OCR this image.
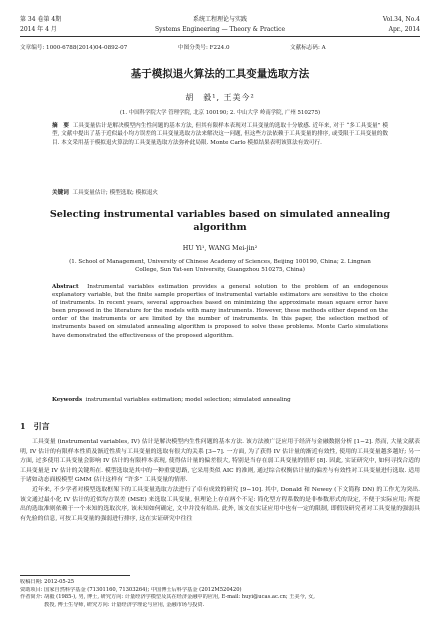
第 34 卷第 4期	系统工程理论与实践	Vol.34, No.4
2014 年 4 月	Systems Engineering — Theory & Practice	Apr., 2014
文章编号: 1000-6788(2014)04-0892-07	中图分类号: F224.0	文献标志码: A
基于模拟退火算法的工具变量选取方法
胡　毅¹, 王美今²
(1. 中国科学院大学 管理学院, 北京 100190; 2. 中山大学 岭南学院, 广州 510275)
摘　要 工具变量估计是解决模型内生性问题的基本方法, 但其有限样本表现对工具变量的选取十分敏感. 近年来, 对于 “多工具变量” 模型, 文献中提出了基于近似最小均方误差的工具变量选取方法来解决这一问题, 但这些方法依赖于工具变量的排序, 或受限于工具变量的数目. 本文采用基于模拟退火算法的工具变量选取方法弥补此局限. Monte Carlo 模拟结果表明该算法有效可行.
关键词 工具变量估计; 模型选取; 模拟退火
Selecting instrumental variables based on simulated annealing algorithm
HU Yi¹, WANG Mei-jin²
(1. School of Management, University of Chinese Academy of Sciences, Beijing 100190, China; 2. Lingnan College, Sun Yat-sen University, Guangzhou 510275, China)
Abstract Instrumental variables estimation provides a general solution to the problem of an endogenous explanatory variable, but the finite sample properties of instrumental variable estimators are sensitive to the choice of instruments. In recent years, several approaches based on minimizing the approximate mean square error have been proposed in the literature for the models with many instruments. However, these methods either depend on the order of the instruments or are limited by the number of instruments. In this paper, the selection method of instruments based on simulated annealing algorithm is proposed to solve these problems. Monte Carlo simulations have demonstrated the effectiveness of the proposed algorithm.
Keywords instrumental variables estimation; model selection; simulated annealing
1　引言

工具变量 (instrumental variables, IV) 估计是解决模型内生性问题的基本方法. 该方法被广泛应用于经济与金融数据分析 [1−2]. 然而, 大量文献表明, IV 估计的有限样本性质及渐近性质与工具变量的选取有很大的关系 [3−7]. 一方面, 为了获得 IV 估计量的渐近有效性, 使用的工具变量越多越好; 另一方面, 过多使用工具变量会影响 IV 估计的有限样本表现, 使得估计量的偏差很大, 特别是当存在弱工具变量的情形 [8]. 因此, 实证研究中, 如何寻找合适的工具变量是 IV 估计的关键所在. 模型选取是其中的一种重要思路, 它采用类似 AIC 的准则, 通过综合权衡估计量的偏差与有效性对工具变量进行选取. 适用于诸如动态面板模型 GMM 估计这样有 “许多” 工具变量的情形.

近年来, 不少学者对模型选取框架下的工具变量选取方法进行了卓有成效的研究 [9−10]. 其中, Donald 和 Newey (下文简称 DN) 的工作尤为突出. 该文通过最小化 IV 估计的近似均方误差 (MSE) 来选取工具变量, 但理论上存在两个不足: 简化型方程系数的是非参数形式的设定, 不便于实际应用; 所提出的选取准则依赖于一个未知的选取次序, 该未知如何确定, 文中并没有给出. 此外, 该文在实证应用中也有一定的限制, 即假设研究者对工具变量的强弱具有先验的信息, 可按工具变量的强弱进行排序, 这在实证研究中往往

收稿日期: 2012-05-25
资助项目: 国家自然科学基金 (71301160, 71303264); 中国博士后科学基金 (2012M520420)
作者简介: 胡毅 (1985-), 男, 博士, 研究方向: 计量经济学模型及其在经济金融中的应用, E-mail: huyi@ucas.ac.cn; 王美今, 女,
教授, 博士生导师, 研究方向: 计量经济学理论与应用, 金融市场与投资.
